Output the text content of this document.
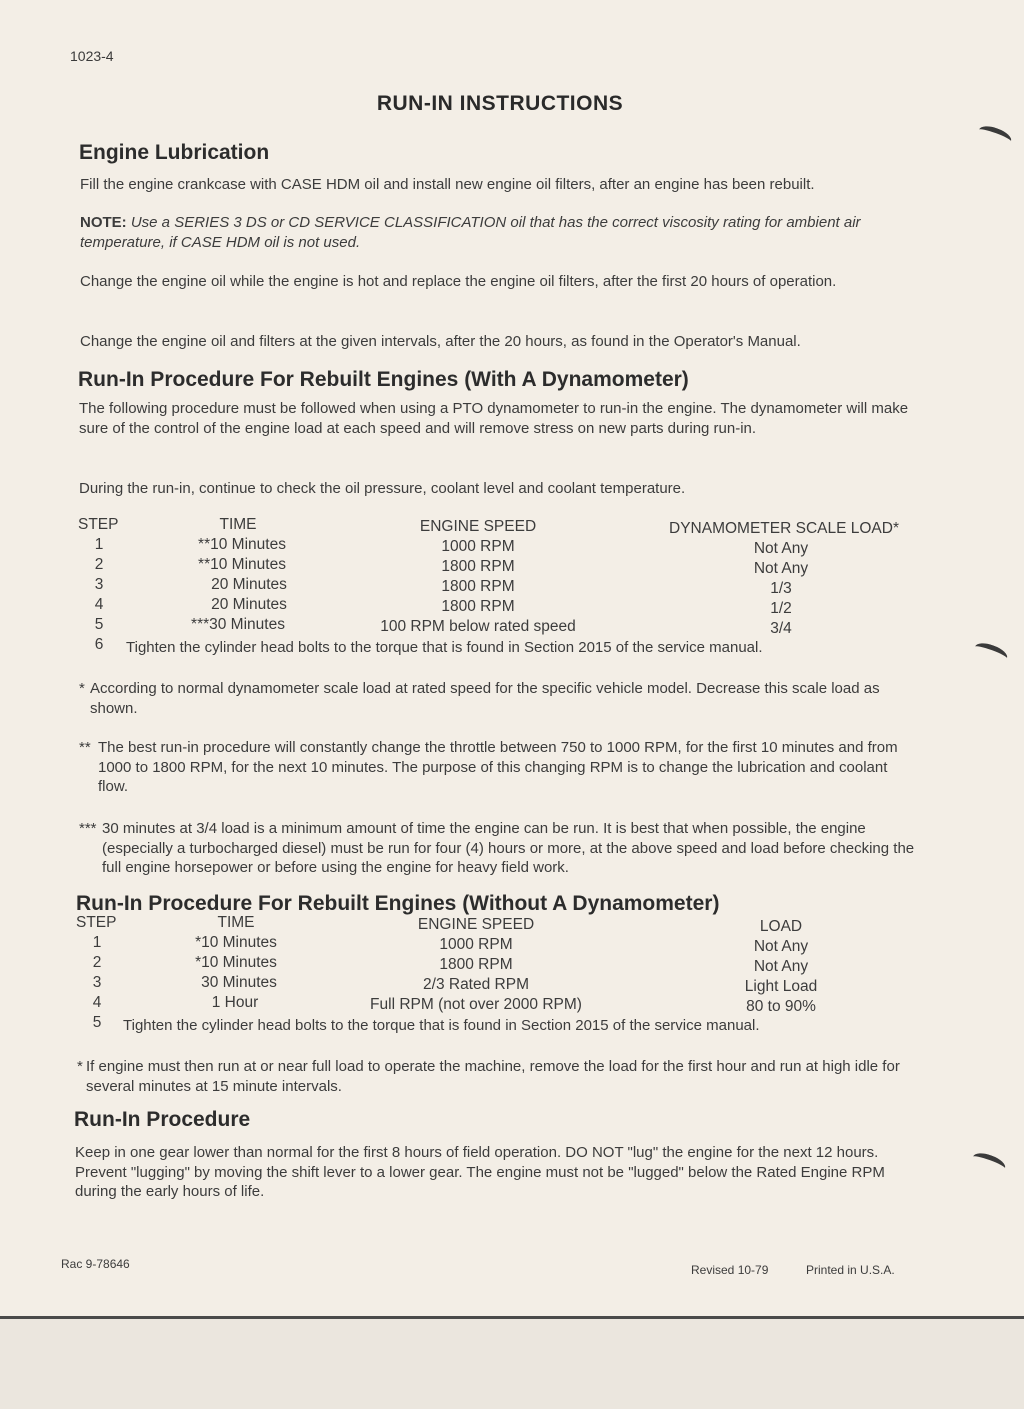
1023-4
RUN-IN INSTRUCTIONS
Engine Lubrication

Fill the engine crankcase with CASE HDM oil and install new engine oil filters, after an engine has been rebuilt.

NOTE: Use a SERIES 3 DS or CD SERVICE CLASSIFICATION oil that has the correct viscosity rating for ambient air temperature, if CASE HDM oil is not used.

Change the engine oil while the engine is hot and replace the engine oil filters, after the first 20 hours of operation.

Change the engine oil and filters at the given intervals, after the 20 hours, as found in the Operator's Manual.

Run-In Procedure For Rebuilt Engines (With A Dynamometer)

The following procedure must be followed when using a PTO dynamometer to run-in the engine. The dynamometer will make sure of the control of the engine load at each speed and will remove stress on new parts during run-in.

During the run-in, continue to check the oil pressure, coolant level and coolant temperature.

STEP	TIME	ENGINE SPEED	DYNAMOMETER SCALE LOAD*
1	**10 Minutes	1000 RPM	Not Any
2	**10 Minutes	1800 RPM	Not Any
3	20 Minutes	1800 RPM	1/3
4	20 Minutes	1800 RPM	1/2
5	***30 Minutes	100 RPM below rated speed	3/4
6 Tighten the cylinder head bolts to the torque that is found in Section 2015 of the service manual.
* According to normal dynamometer scale load at rated speed for the specific vehicle model. Decrease this scale load as shown.
** The best run-in procedure will constantly change the throttle between 750 to 1000 RPM, for the first 10 minutes and from 1000 to 1800 RPM, for the next 10 minutes. The purpose of this changing RPM is to change the lubrication and coolant flow.
*** 30 minutes at 3/4 load is a minimum amount of time the engine can be run. It is best that when possible, the engine (especially a turbocharged diesel) must be run for four (4) hours or more, at the above speed and load before checking the full engine horsepower or before using the engine for heavy field work.
Run-In Procedure For Rebuilt Engines (Without A Dynamometer)
STEP	TIME	ENGINE SPEED	LOAD
1	*10 Minutes	1000 RPM	Not Any
2	*10 Minutes	1800 RPM	Not Any
3	30 Minutes	2/3 Rated RPM	Light Load
4	1 Hour	Full RPM (not over 2000 RPM)	80 to 90%
5 Tighten the cylinder head bolts to the torque that is found in Section 2015 of the service manual.
* If engine must then run at or near full load to operate the machine, remove the load for the first hour and run at high idle for several minutes at 15 minute intervals.
Run-In Procedure

Keep in one gear lower than normal for the first 8 hours of field operation. DO NOT "lug" the engine for the next 12 hours. Prevent "lugging" by moving the shift lever to a lower gear. The engine must not be "lugged" below the Rated Engine RPM during the early hours of life.

Rac 9-78646	Revised 10-79	Printed in U.S.A.
